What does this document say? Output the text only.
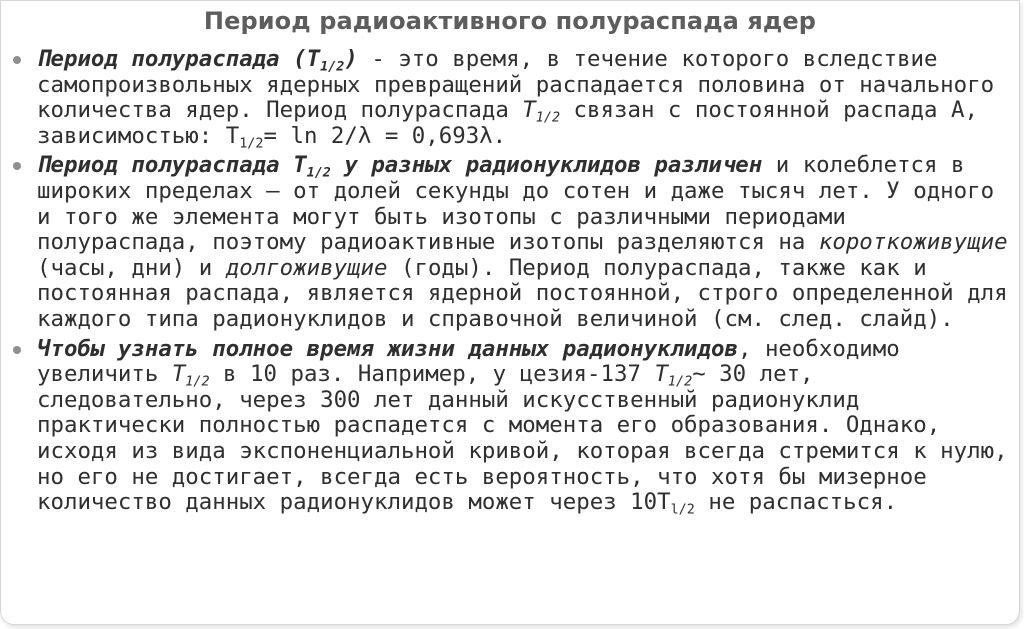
Период радиоактивного полураспада ядер
Период полураспада $(T_{1/2})$ - это время, в течение которого вследствие самопроизвольных ядерных превращений распадается половина от начального количества ядер. Период полураспада $T_{1/2}$ связан с постоянной распада А, зависимостью: $T_{1/2}= \ln 2/\lambda = 0,693\lambda$.
Период полураспада $T_{1/2}$ у разных радионуклидов различен и колеблется в широких пределах — от долей секунды до сотен и даже тысяч лет. У одного и того же элемента могут быть изотопы с различными периодами полураспада, поэтому радиоактивные изотопы разделяются на короткоживущие (часы, дни) и долгоживущие (годы). Период полураспада, также как и постоянная распада, является ядерной постоянной, строго определенной для каждого типа радионуклидов и справочной величиной (см. след. слайд).
Чтобы узнать полное время жизни данных радионуклидов, необходимо увеличить $T_{1/2}$ в 10 раз. Например, у цезия-137 $T_{1/2}\sim$ 30 лет, следовательно, через 300 лет данный искусственный радионуклид практически полностью распадется с момента его образования. Однако, исходя из вида экспоненциальной кривой, которая всегда стремится к нулю, но его не достигает, всегда есть вероятность, что хотя бы мизерное количество данных радионуклидов может через $10T_{l/2}$ не распасться.
